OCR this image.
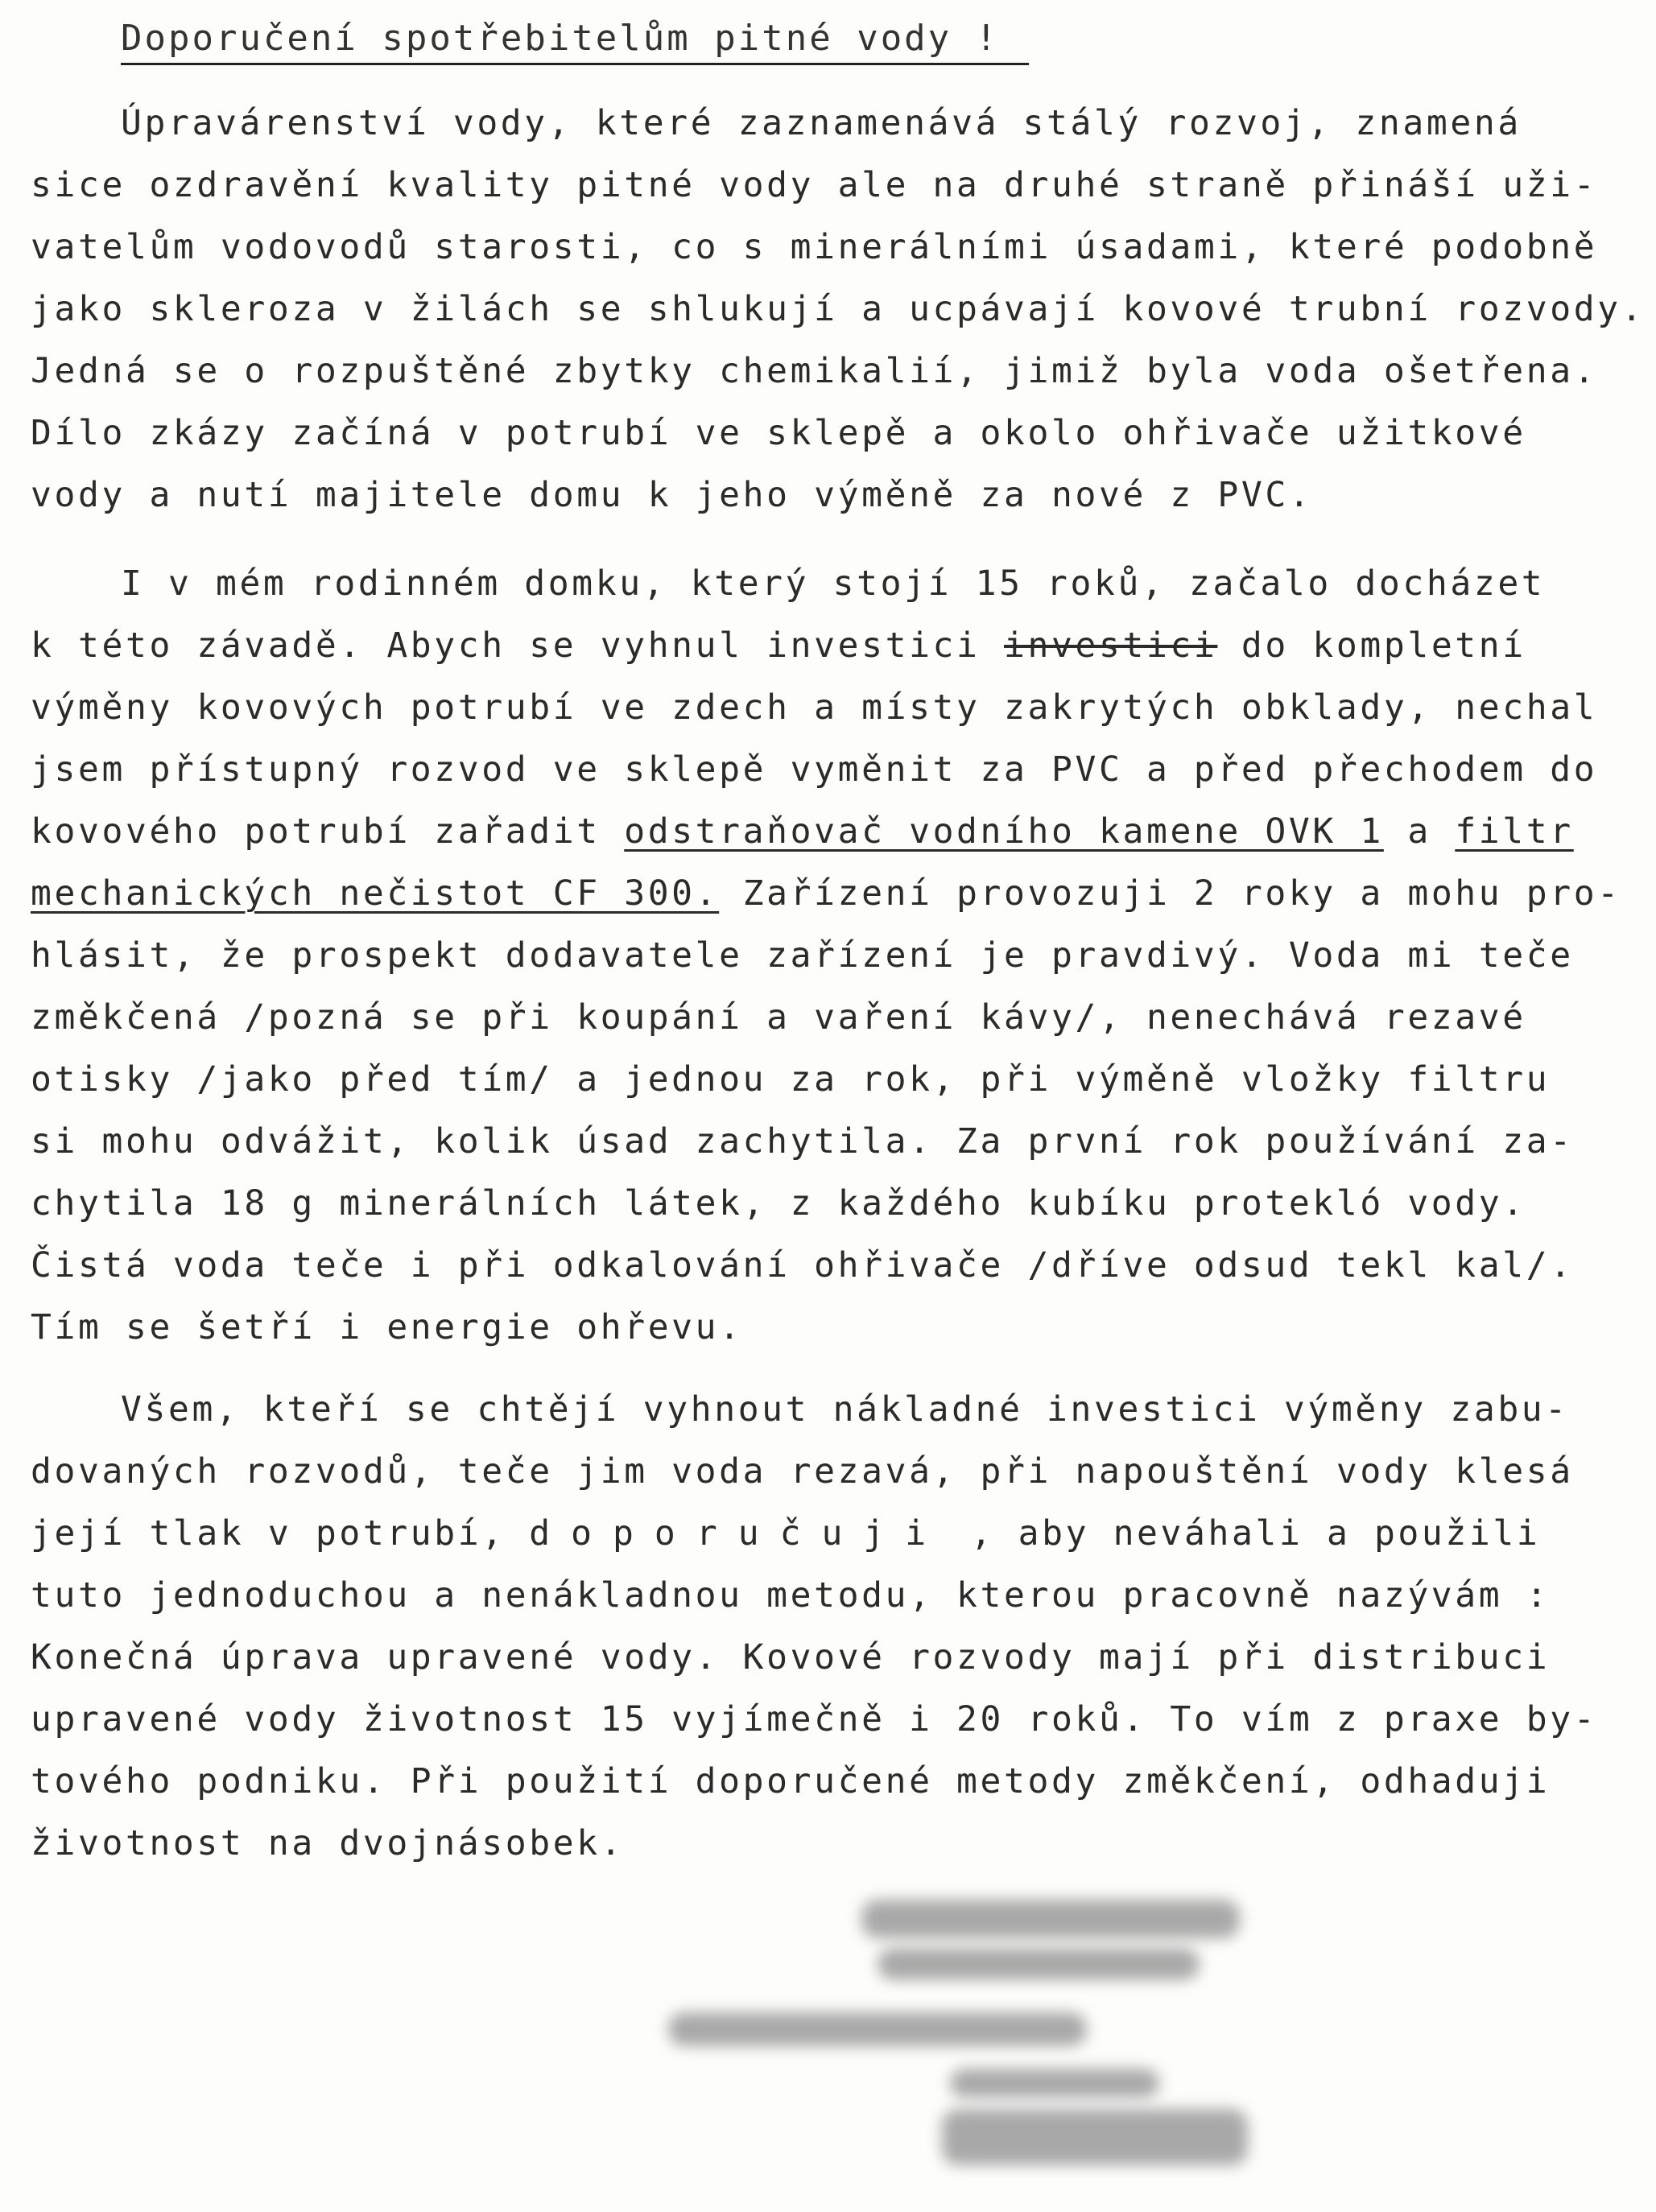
Doporučení spotřebitelům pitné vody !
Úpravárenství vody, které zaznamenává stálý rozvoj, znamená
sice ozdravění kvality pitné vody ale na druhé straně přináší uži-
vatelům vodovodů starosti, co s minerálními úsadami, které podobně
jako skleroza v žilách se shlukují a ucpávají kovové trubní rozvody.
Jedná se o rozpuštěné zbytky chemikalií, jimiž byla voda ošetřena.
Dílo zkázy začíná v potrubí ve sklepě a okolo ohřivače užitkové
vody a nutí majitele domu k jeho výměně za nové z PVC.
I v mém rodinném domku, který stojí 15 roků, začalo docházet
k této závadě. Abych se vyhnul investici investici do kompletní
výměny kovových potrubí ve zdech a místy zakrytých obklady, nechal
jsem přístupný rozvod ve sklepě vyměnit za PVC a před přechodem do
kovového potrubí zařadit odstraňovač vodního kamene OVK 1 a filtr
mechanických nečistot CF 300. Zařízení provozuji 2 roky a mohu pro-
hlásit, že prospekt dodavatele zařízení je pravdivý. Voda mi teče
změkčená /pozná se při koupání a vaření kávy/, nenechává rezavé
otisky /jako před tím/ a jednou za rok, při výměně vložky filtru
si mohu odvážit, kolik úsad zachytila. Za první rok používání za-
chytila 18 g minerálních látek, z každého kubíku protekló vody.
Čistá voda teče i při odkalování ohřivače /dříve odsud tekl kal/.
Tím se šetří i energie ohřevu.
Všem, kteří se chtějí vyhnout nákladné investici výměny zabu-
dovaných rozvodů, teče jim voda rezavá, při napouštění vody klesá
její tlak v potrubí, doporučuji , aby neváhali a použili
tuto jednoduchou a nenákladnou metodu, kterou pracovně nazývám :
Konečná úprava upravené vody. Kovové rozvody mají při distribuci
upravené vody životnost 15 vyjímečně i 20 roků. To vím z praxe by-
tového podniku. Při použití doporučené metody změkčení, odhaduji
životnost na dvojnásobek.
